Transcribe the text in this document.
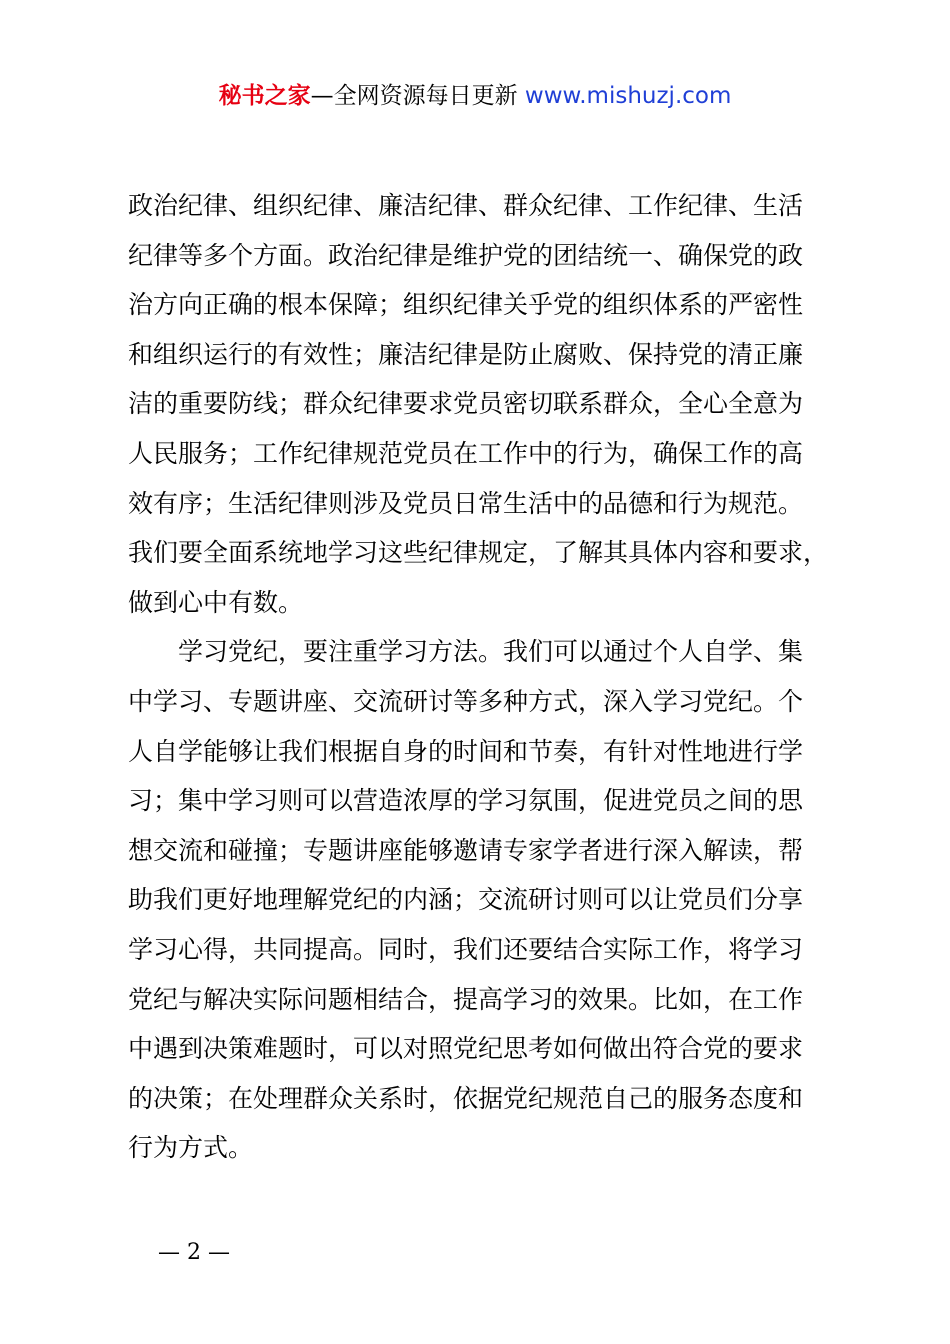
秘书之家—全网资源每日更新 www.mishuzj.com
政治纪律、组织纪律、廉洁纪律、群众纪律、工作纪律、生活
纪律等多个方面。政治纪律是维护党的团结统一、确保党的政
治方向正确的根本保障；组织纪律关乎党的组织体系的严密性
和组织运行的有效性；廉洁纪律是防止腐败、保持党的清正廉
洁的重要防线；群众纪律要求党员密切联系群众，全心全意为
人民服务；工作纪律规范党员在工作中的行为，确保工作的高
效有序；生活纪律则涉及党员日常生活中的品德和行为规范。
我们要全面系统地学习这些纪律规定，了解其具体内容和要求，
做到心中有数。
　　学习党纪，要注重学习方法。我们可以通过个人自学、集
中学习、专题讲座、交流研讨等多种方式，深入学习党纪。个
人自学能够让我们根据自身的时间和节奏，有针对性地进行学
习；集中学习则可以营造浓厚的学习氛围，促进党员之间的思
想交流和碰撞；专题讲座能够邀请专家学者进行深入解读，帮
助我们更好地理解党纪的内涵；交流研讨则可以让党员们分享
学习心得，共同提高。同时，我们还要结合实际工作，将学习
党纪与解决实际问题相结合，提高学习的效果。比如，在工作
中遇到决策难题时，可以对照党纪思考如何做出符合党的要求
的决策；在处理群众关系时，依据党纪规范自己的服务态度和
行为方式。
— 2 —
